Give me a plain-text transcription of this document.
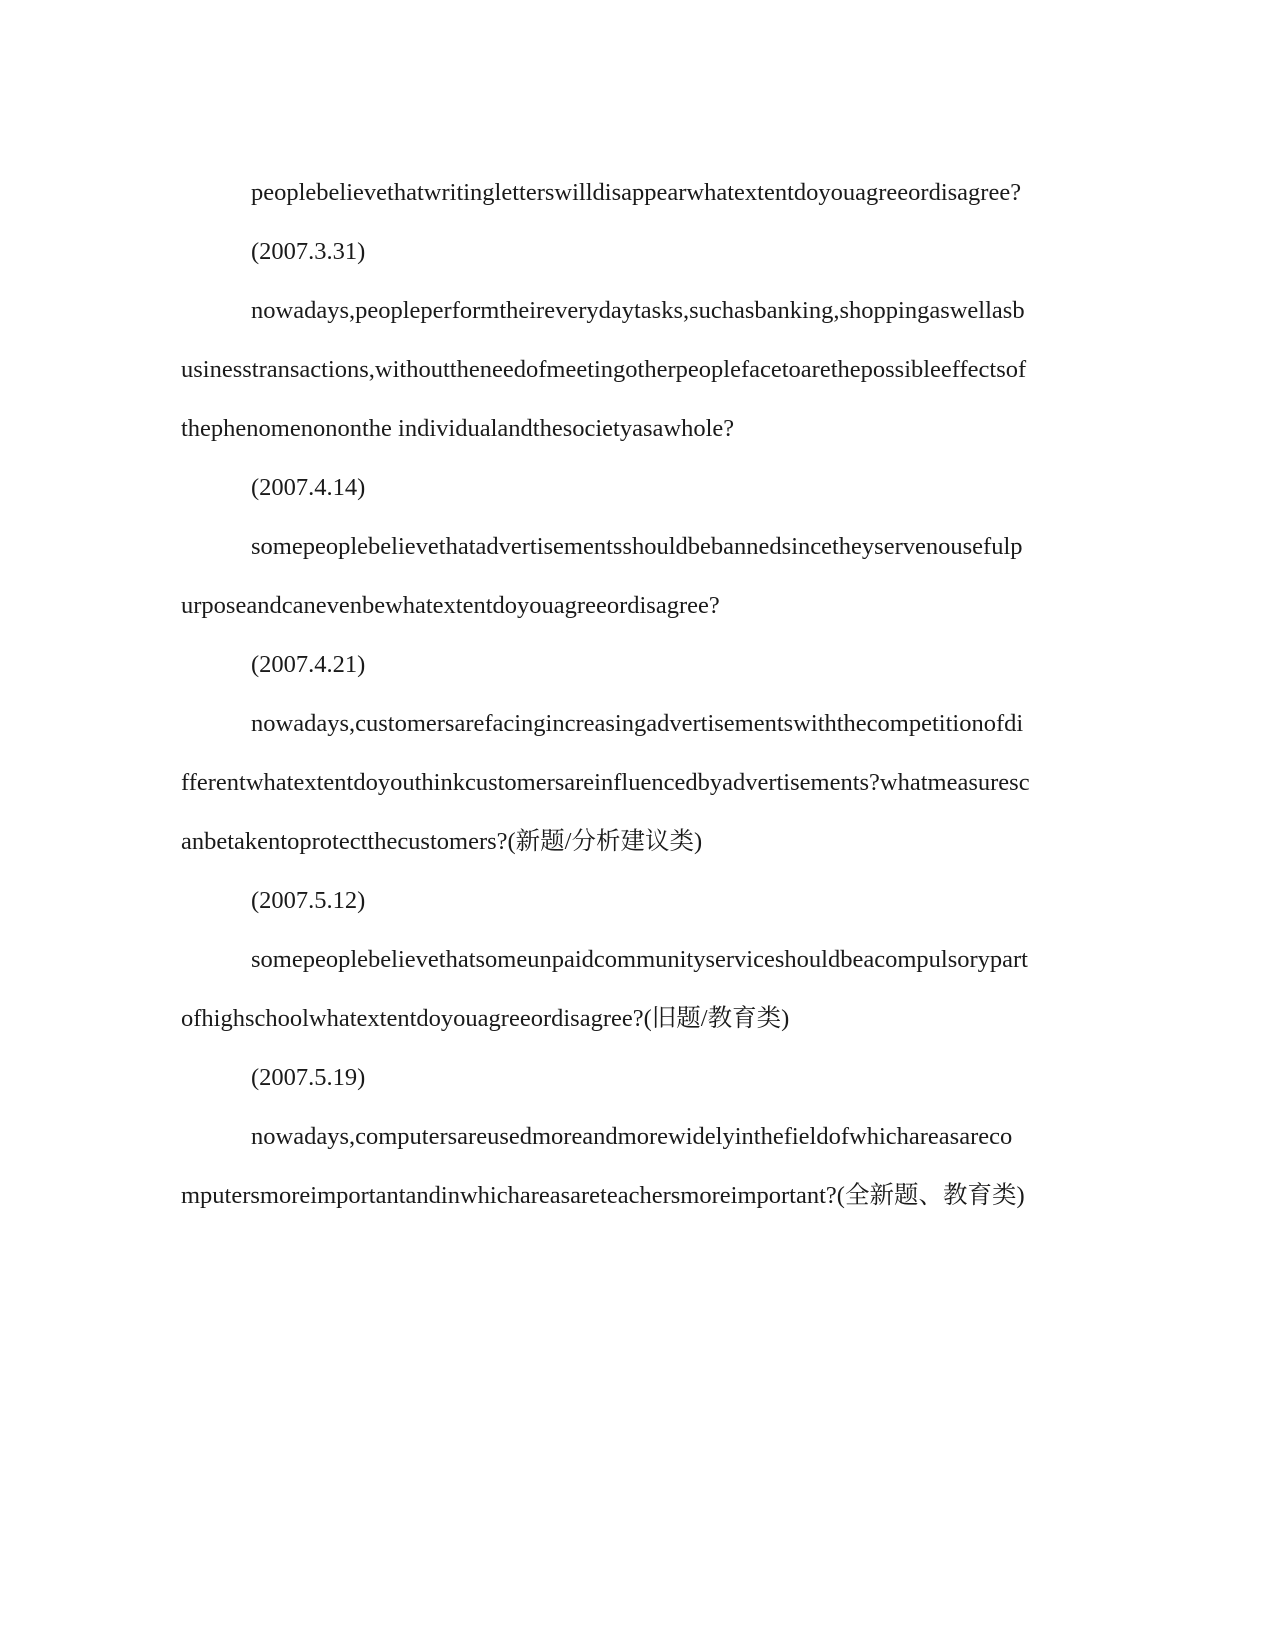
peoplebelievethatwritingletterswilldisappearwhatextentdoyouagreeordisagree?

(2007.3.31)

nowadays,peopleperformtheireverydaytasks,suchasbanking,shoppingaswellasbusinesstransactions,withouttheneedofmeetingotherpeoplefacetoarethepossibleeffectsofthephenomenononthe individualandthesocietyasawhole?

(2007.4.14)

somepeoplebelievethatadvertisementsshouldbebannedsincetheyservenousefulpurposeandcanevenbewhatextentdoyouagreeordisagree?

(2007.4.21)

nowadays,customersarefacingincreasingadvertisementswiththecompetitionofdifferentwhatextentdoyouthinkcustomersareinfluencedbyadvertisements?whatmeasurescanbetakentoprotectthecustomers?(新题/分析建议类)

(2007.5.12)

somepeoplebelievethatsomeunpaidcommunityserviceshouldbeacompulsorypartofhighschoolwhatextentdoyouagreeordisagree?(旧题/教育类)

(2007.5.19)

nowadays,computersareusedmoreandmorewidelyinthefieldofwhichareasarecomputersmoreimportantandinwhichareasareteachersmoreimportant?(全新题、教育类)
